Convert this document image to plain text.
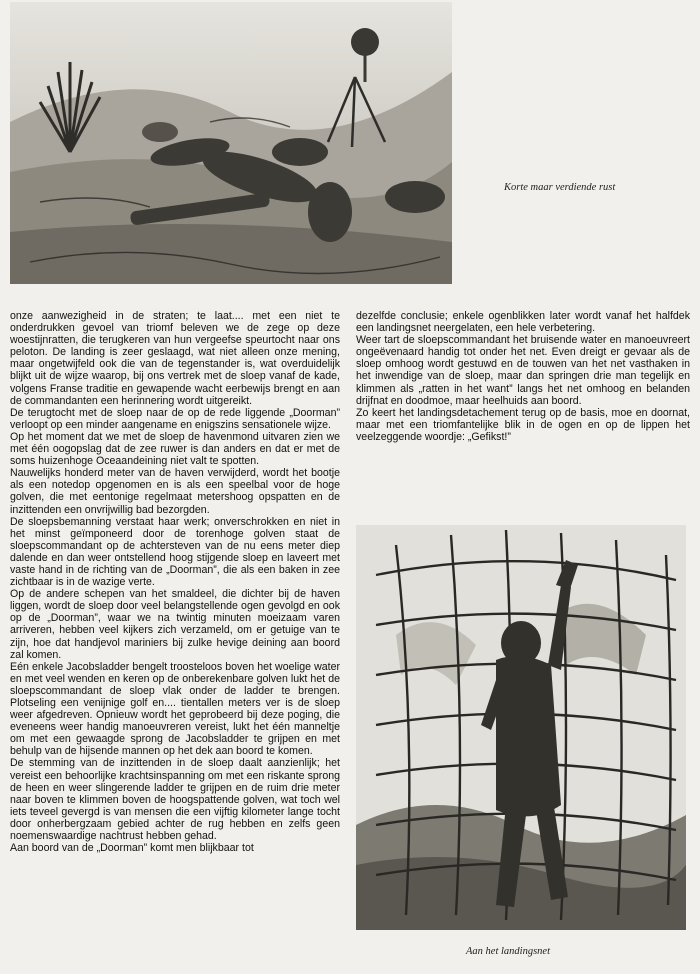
Korte maar verdiende rust

onze aanwezigheid in de straten; te laat.... met een niet te onderdrukken gevoel van triomf beleven we de zege op deze woestijnratten, die terugkeren van hun vergeefse speurtocht naar ons peloton. De landing is zeer geslaagd, wat niet alleen onze mening, maar ongetwijfeld ook die van de tegenstander is, wat overduidelijk blijkt uit de wijze waarop, bij ons vertrek met de sloep vanaf de kade, volgens Franse traditie en gewapende wacht eerbewijs brengt en aan de commandanten een herinnering wordt uitgereikt.

De terugtocht met de sloep naar de op de rede liggende „Doorman” verloopt op een minder aangename en enigszins sensationele wijze.

Op het moment dat we met de sloep de havenmond uitvaren zien we met één oogopslag dat de zee ruwer is dan anders en dat er met de soms huizenhoge Oceaandeining niet valt te spotten.

Nauwelijks honderd meter van de haven verwijderd, wordt het bootje als een notedop opgenomen en is als een speelbal voor de hoge golven, die met eentonige regelmaat metershoog opspatten en de inzittenden een onvrijwillig bad bezorgden.

De sloepsbemanning verstaat haar werk; onverschrokken en niet in het minst geïmponeerd door de torenhoge golven staat de sloepscommandant op de achtersteven van de nu eens meter diep dalende en dan weer ontstellend hoog stijgende sloep en laveert met vaste hand in de richting van de „Doorman”, die als een baken in zee zichtbaar is in de wazige verte.

Op de andere schepen van het smaldeel, die dichter bij de haven liggen, wordt de sloep door veel belangstellende ogen gevolgd en ook op de „Doorman”, waar we na twintig minuten moeizaam varen arriveren, hebben veel kijkers zich verzameld, om er getuige van te zijn, hoe dat handjevol mariniers bij zulke hevige deining aan boord zal komen.

Eén enkele Jacobsladder bengelt troosteloos boven het woelige water en met veel wenden en keren op de onberekenbare golven lukt het de sloepscommandant de sloep vlak onder de ladder te brengen. Plotseling een venijnige golf en.... tientallen meters ver is de sloep weer afgedreven. Opnieuw wordt het geprobeerd bij deze poging, die eveneens weer handig manoeuvreren vereist, lukt het één manneltje om met een gewaagde sprong de Jacobsladder te grijpen en met behulp van de hijsende mannen op het dek aan boord te komen.

De stemming van de inzittenden in de sloep daalt aanzienlijk; het vereist een behoorlijke krachtsinspanning om met een riskante sprong de heen en weer slingerende ladder te grijpen en de ruim drie meter naar boven te klimmen boven de hoogspattende golven, wat toch wel iets teveel gevergd is van mensen die een vijftig kilometer lange tocht door onherbergzaam gebied achter de rug hebben en zelfs geen noemenswaardige nachtrust hebben gehad.

Aan boord van de „Doorman” komt men blijkbaar tot

dezelfde conclusie; enkele ogenblikken later wordt vanaf het halfdek een landingsnet neergelaten, een hele verbetering.

Weer tart de sloepscommandant het bruisende water en manoeuvreert ongeëvenaard handig tot onder het net. Even dreigt er gevaar als de sloep omhoog wordt gestuwd en de touwen van het net vasthaken in het inwendige van de sloep, maar dan springen drie man tegelijk en klimmen als „ratten in het want” langs het net omhoog en belanden drijfnat en doodmoe, maar heelhuids aan boord.

Zo keert het landingsdetachement terug op de basis, moe en doornat, maar met een triomfantelijke blik in de ogen en op de lippen het veelzeggende woordje: „Gefikst!”

Aan het landingsnet
